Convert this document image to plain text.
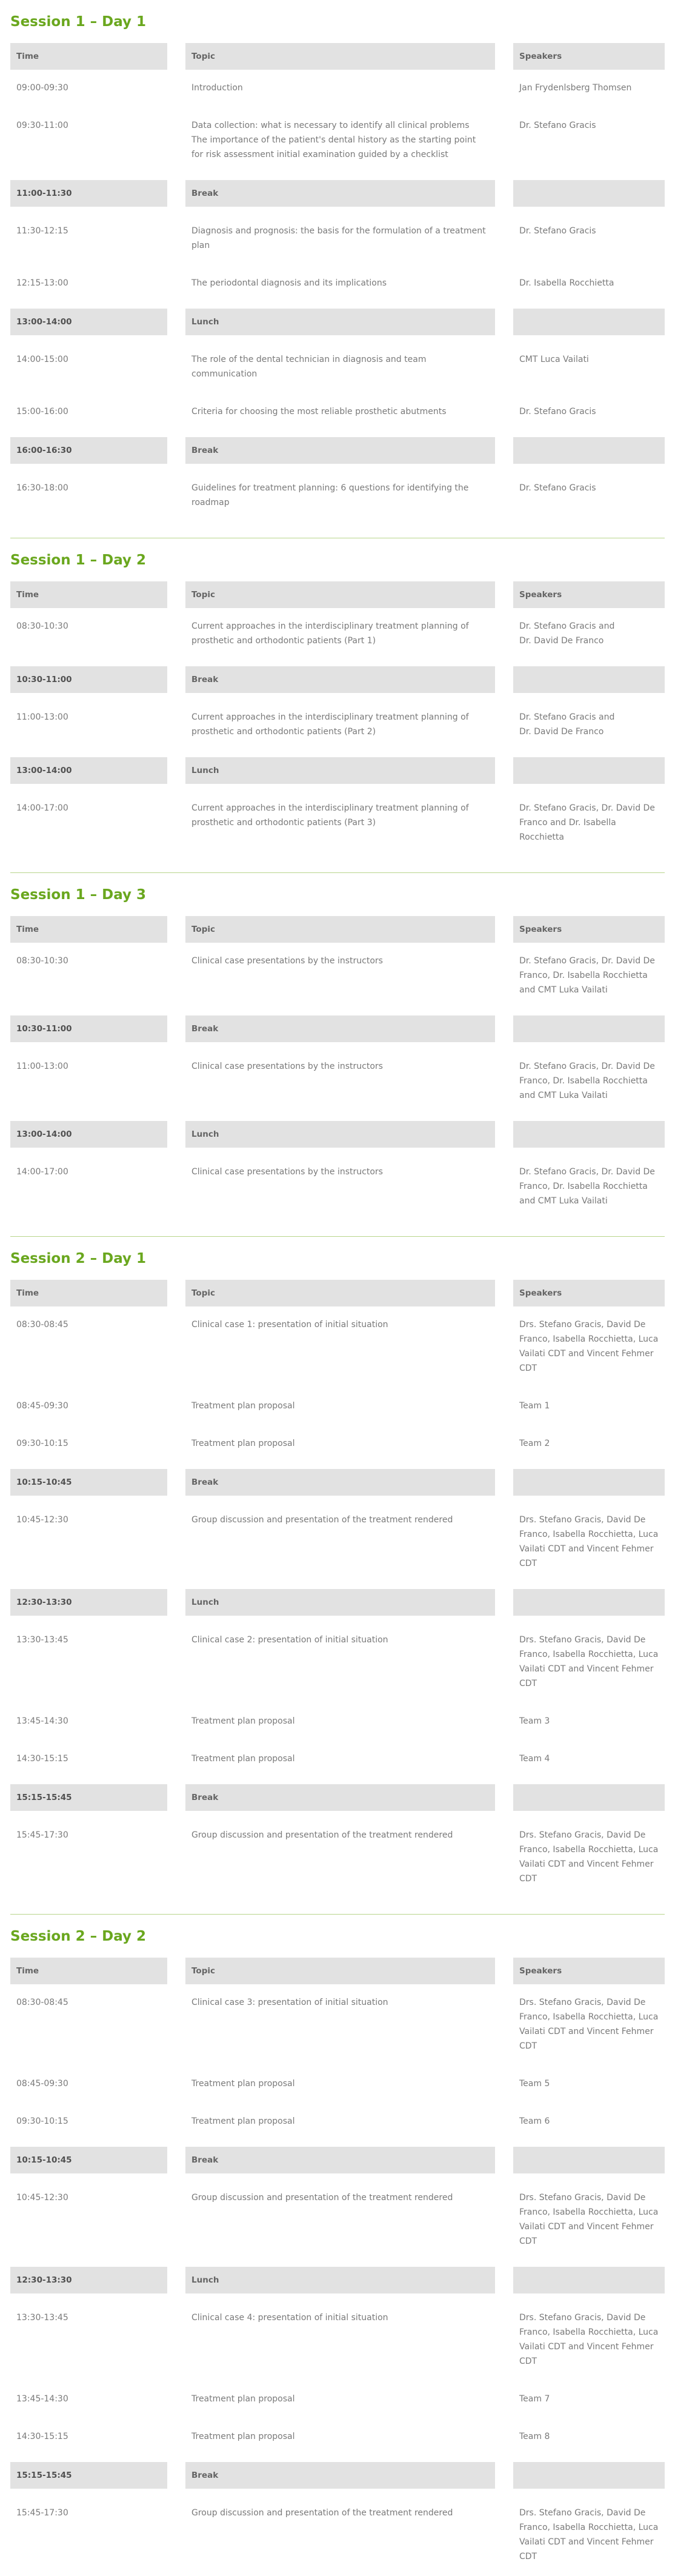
Session 1 – Day 1
Time	Topic	Speakers

09:00-09:30	Introduction	Jan Frydenlsberg Thomsen

09:30-11:00	Data collection: what is necessary to identify all clinical problems
The importance of the patient's dental history as the starting point for risk assessment initial examination guided by a checklist	Dr. Stefano Gracis

11:00-11:30	Break	

11:30-12:15	Diagnosis and prognosis: the basis for the formulation of a treatment plan	Dr. Stefano Gracis

12:15-13:00	The periodontal diagnosis and its implications	Dr. Isabella Rocchietta

13:00-14:00	Lunch	

14:00-15:00	The role of the dental technician in diagnosis and team communication	CMT Luca Vailati

15:00-16:00	Criteria for choosing the most reliable prosthetic abutments	Dr. Stefano Gracis

16:00-16:30	Break	

16:30-18:00	Guidelines for treatment planning: 6 questions for identifying the roadmap	Dr. Stefano Gracis
Session 1 – Day 2
Time	Topic	Speakers

08:30-10:30	Current approaches in the interdisciplinary treatment planning of prosthetic and orthodontic patients (Part 1)	Dr. Stefano Gracis and
Dr. David De Franco

10:30-11:00	Break	

11:00-13:00	Current approaches in the interdisciplinary treatment planning of prosthetic and orthodontic patients (Part 2)	Dr. Stefano Gracis and
Dr. David De Franco

13:00-14:00	Lunch	

14:00-17:00	Current approaches in the interdisciplinary treatment planning of prosthetic and orthodontic patients (Part 3)	Dr. Stefano Gracis, Dr. David De Franco and Dr. Isabella Rocchietta
Session 1 – Day 3
Time	Topic	Speakers

08:30-10:30	Clinical case presentations by the instructors	Dr. Stefano Gracis, Dr. David De Franco, Dr. Isabella Rocchietta and CMT Luka Vailati

10:30-11:00	Break	

11:00-13:00	Clinical case presentations by the instructors	Dr. Stefano Gracis, Dr. David De Franco, Dr. Isabella Rocchietta and CMT Luka Vailati

13:00-14:00	Lunch	

14:00-17:00	Clinical case presentations by the instructors	Dr. Stefano Gracis, Dr. David De Franco, Dr. Isabella Rocchietta and CMT Luka Vailati
Session 2 – Day 1
Time	Topic	Speakers

08:30-08:45	Clinical case 1: presentation of initial situation	Drs. Stefano Gracis, David De Franco, Isabella Rocchietta, Luca Vailati CDT and Vincent Fehmer CDT

08:45-09:30	Treatment plan proposal	Team 1

09:30-10:15	Treatment plan proposal	Team 2

10:15-10:45	Break	

10:45-12:30	Group discussion and presentation of the treatment rendered	Drs. Stefano Gracis, David De Franco, Isabella Rocchietta, Luca Vailati CDT and Vincent Fehmer CDT

12:30-13:30	Lunch	

13:30-13:45	Clinical case 2: presentation of initial situation	Drs. Stefano Gracis, David De Franco, Isabella Rocchietta, Luca Vailati CDT and Vincent Fehmer CDT

13:45-14:30	Treatment plan proposal	Team 3

14:30-15:15	Treatment plan proposal	Team 4

15:15-15:45	Break	

15:45-17:30	Group discussion and presentation of the treatment rendered	Drs. Stefano Gracis, David De Franco, Isabella Rocchietta, Luca Vailati CDT and Vincent Fehmer CDT
Session 2 – Day 2
Time	Topic	Speakers

08:30-08:45	Clinical case 3: presentation of initial situation	Drs. Stefano Gracis, David De Franco, Isabella Rocchietta, Luca Vailati CDT and Vincent Fehmer CDT

08:45-09:30	Treatment plan proposal	Team 5

09:30-10:15	Treatment plan proposal	Team 6

10:15-10:45	Break	

10:45-12:30	Group discussion and presentation of the treatment rendered	Drs. Stefano Gracis, David De Franco, Isabella Rocchietta, Luca Vailati CDT and Vincent Fehmer CDT

12:30-13:30	Lunch	

13:30-13:45	Clinical case 4: presentation of initial situation	Drs. Stefano Gracis, David De Franco, Isabella Rocchietta, Luca Vailati CDT and Vincent Fehmer CDT

13:45-14:30	Treatment plan proposal	Team 7

14:30-15:15	Treatment plan proposal	Team 8

15:15-15:45	Break	

15:45-17:30	Group discussion and presentation of the treatment rendered	Drs. Stefano Gracis, David De Franco, Isabella Rocchietta, Luca Vailati CDT and Vincent Fehmer CDT
